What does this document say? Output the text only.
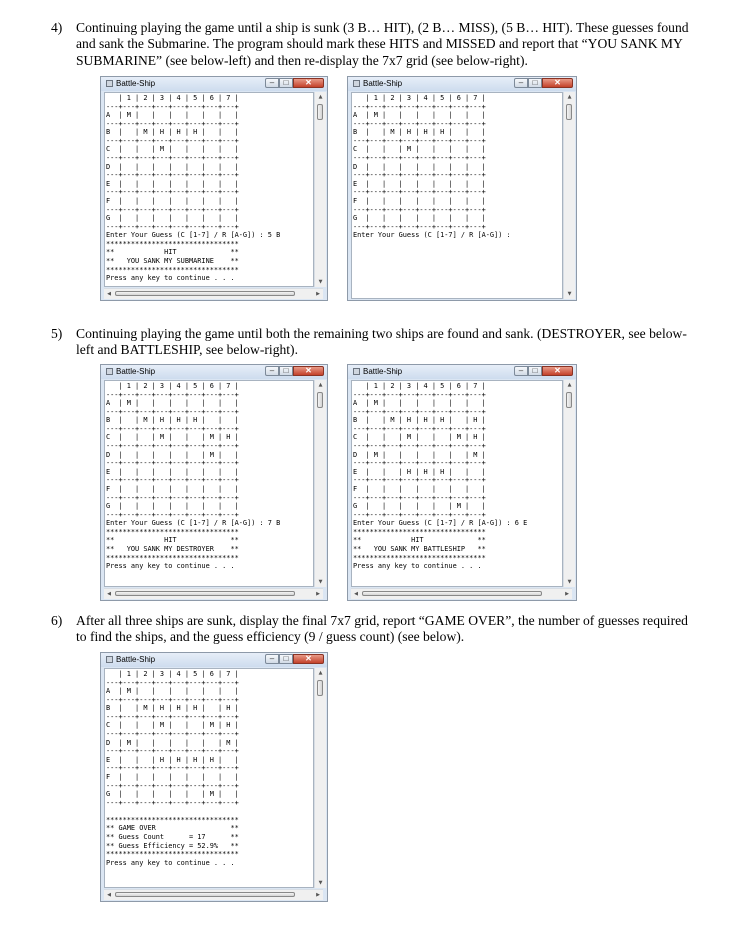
4) Continuing playing the game until a ship is sunk (3 B… HIT), (2 B… MISS), (5 B… HIT). These guesses found and sank the Submarine. The program should mark these HITS and MISSED and report that “YOU SANK MY SUBMARINE” (see below-left) and then re-display the 7x7 grid (see below-right).
Battle-Ship	–	□	✕
| 1 | 2 | 3 | 4 | 5 | 6 | 7 |
---+---+---+---+---+---+---+---+
A  | M |   |   |   |   |   |   |
---+---+---+---+---+---+---+---+
B  |   | M | H | H | H |   |   |
---+---+---+---+---+---+---+---+
C  |   |   | M |   |   |   |   |
---+---+---+---+---+---+---+---+
D  |   |   |   |   |   |   |   |
---+---+---+---+---+---+---+---+
E  |   |   |   |   |   |   |   |
---+---+---+---+---+---+---+---+
F  |   |   |   |   |   |   |   |
---+---+---+---+---+---+---+---+
G  |   |   |   |   |   |   |   |
---+---+---+---+---+---+---+---+
Enter Your Guess (C [1-7] / R [A-G]) : 5 B
********************************
**            HIT             **
**   YOU SANK MY SUBMARINE    **
********************************
Press any key to continue . . .
▲
▼
◀	▶
Battle-Ship	–	□	✕
| 1 | 2 | 3 | 4 | 5 | 6 | 7 |
---+---+---+---+---+---+---+---+
A  | M |   |   |   |   |   |   |
---+---+---+---+---+---+---+---+
B  |   | M | H | H | H |   |   |
---+---+---+---+---+---+---+---+
C  |   |   | M |   |   |   |   |
---+---+---+---+---+---+---+---+
D  |   |   |   |   |   |   |   |
---+---+---+---+---+---+---+---+
E  |   |   |   |   |   |   |   |
---+---+---+---+---+---+---+---+
F  |   |   |   |   |   |   |   |
---+---+---+---+---+---+---+---+
G  |   |   |   |   |   |   |   |
---+---+---+---+---+---+---+---+
Enter Your Guess (C [1-7] / R [A-G]) :
▲
▼
5) Continuing playing the game until both the remaining two ships are found and sank. (DESTROYER, see below-left and BATTLESHIP, see below-right).
Battle-Ship	–	□	✕
| 1 | 2 | 3 | 4 | 5 | 6 | 7 |
---+---+---+---+---+---+---+---+
A  | M |   |   |   |   |   |   |
---+---+---+---+---+---+---+---+
B  |   | M | H | H | H |   |   |
---+---+---+---+---+---+---+---+
C  |   |   | M |   |   | M | H |
---+---+---+---+---+---+---+---+
D  |   |   |   |   |   | M |   |
---+---+---+---+---+---+---+---+
E  |   |   |   |   |   |   |   |
---+---+---+---+---+---+---+---+
F  |   |   |   |   |   |   |   |
---+---+---+---+---+---+---+---+
G  |   |   |   |   |   |   |   |
---+---+---+---+---+---+---+---+
Enter Your Guess (C [1-7] / R [A-G]) : 7 B
********************************
**            HIT             **
**   YOU SANK MY DESTROYER    **
********************************
Press any key to continue . . .
▲
▼
◀	▶
Battle-Ship	–	□	✕
| 1 | 2 | 3 | 4 | 5 | 6 | 7 |
---+---+---+---+---+---+---+---+
A  | M |   |   |   |   |   |   |
---+---+---+---+---+---+---+---+
B  |   | M | H | H | H |   | H |
---+---+---+---+---+---+---+---+
C  |   |   | M |   |   | M | H |
---+---+---+---+---+---+---+---+
D  | M |   |   |   |   |   | M |
---+---+---+---+---+---+---+---+
E  |   |   | H | H | H |   |   |
---+---+---+---+---+---+---+---+
F  |   |   |   |   |   |   |   |
---+---+---+---+---+---+---+---+
G  |   |   |   |   |   | M |   |
---+---+---+---+---+---+---+---+
Enter Your Guess (C [1-7] / R [A-G]) : 6 E
********************************
**            HIT             **
**   YOU SANK MY BATTLESHIP   **
********************************
Press any key to continue . . .
▲
▼
◀	▶
6) After all three ships are sunk, display the final 7x7 grid, report “GAME OVER”, the number of guesses required to find the ships, and the guess efficiency (9 / guess count) (see below).
Battle-Ship	–	□	✕
| 1 | 2 | 3 | 4 | 5 | 6 | 7 |
---+---+---+---+---+---+---+---+
A  | M |   |   |   |   |   |   |
---+---+---+---+---+---+---+---+
B  |   | M | H | H | H |   | H |
---+---+---+---+---+---+---+---+
C  |   |   | M |   |   | M | H |
---+---+---+---+---+---+---+---+
D  | M |   |   |   |   |   | M |
---+---+---+---+---+---+---+---+
E  |   |   | H | H | H | H |   |
---+---+---+---+---+---+---+---+
F  |   |   |   |   |   |   |   |
---+---+---+---+---+---+---+---+
G  |   |   |   |   |   | M |   |
---+---+---+---+---+---+---+---+

********************************
** GAME OVER                  **
** Guess Count      = 17      **
** Guess Efficiency = 52.9%   **
********************************
Press any key to continue . . .
▲
▼
◀	▶
